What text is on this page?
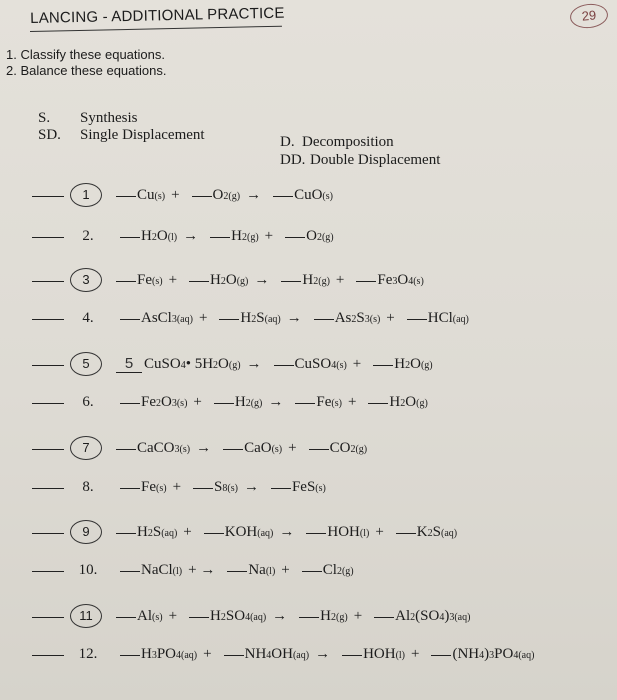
29
LANCING - ADDITIONAL PRACTICE
1. Classify these equations.
2. Balance these equations.
S. Synthesis
SD. Single Displacement	D. Decomposition
DD. Double Displacement
1	Cu (s) + O 2 (g) → CuO (s)
2.	H 2 O (l) → H 2 (g) + O 2 (g)
3	Fe (s) + H 2 O (g) → H 2 (g) + Fe 3 O 4 (s)
4.	AsCl 3 (aq) + H 2 S (aq) → As 2 S 3 (s) + HCl (aq)
5	5 CuSO 4 • 5H 2 O (g) → CuSO 4 (s) + H 2 O (g)
6.	Fe 2 O 3 (s) + H 2 (g) → Fe (s) + H 2 O (g)
7	CaCO 3 (s) → CaO (s) + CO 2 (g)
8.	Fe (s) + S 8 (s) → FeS (s)
9	H 2 S (aq) + KOH (aq) → HOH (l) + K 2 S (aq)
10.	NaCl (l) + → Na (l) + Cl 2 (g)
11	Al (s) + H 2 SO 4 (aq) → H 2 (g) + Al 2 (SO 4 ) 3 (aq)
12.	H 3 PO 4 (aq) + NH 4 OH (aq) → HOH (l) + (NH 4 ) 3 PO 4 (aq)
